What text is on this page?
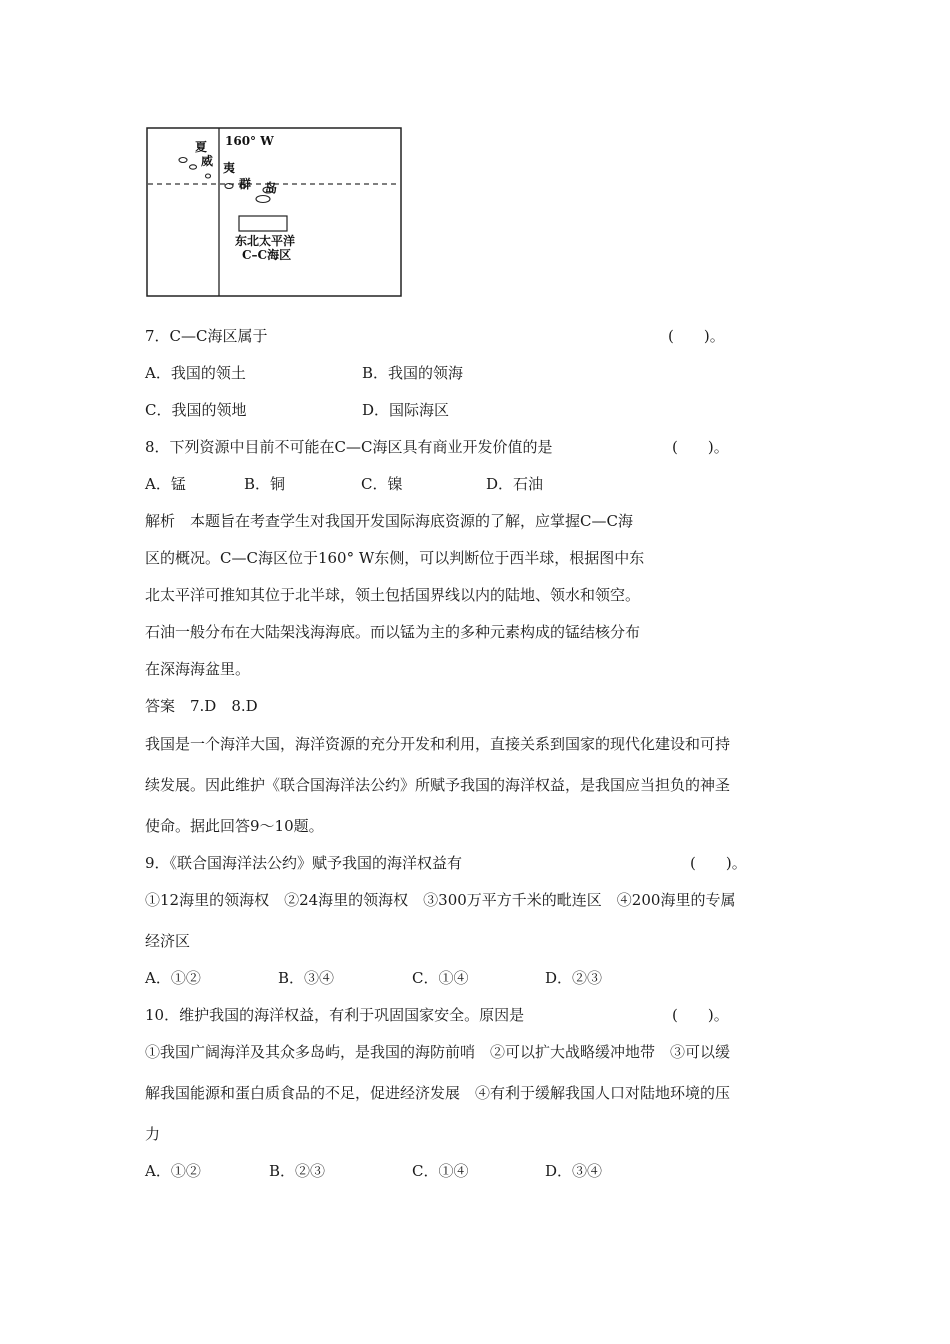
160° W
夏
威 夷
群 岛
东北太平洋
C–C海区
7．C—C海区属于	(　　)。
A．我国的领土	B．我国的领海
C．我国的领地	D．国际海区
8．下列资源中目前不可能在C—C海区具有商业开发价值的是	(　　)。
A．锰	B．铜	C．镍	D．石油
解析　本题旨在考查学生对我国开发国际海底资源的了解，应掌握C—C海
区的概况。C—C海区位于160° W东侧，可以判断位于西半球，根据图中东
北太平洋可推知其位于北半球，领土包括国界线以内的陆地、领水和领空。
石油一般分布在大陆架浅海海底。而以锰为主的多种元素构成的锰结核分布
在深海海盆里。
答案　7.D　8.D
我国是一个海洋大国，海洋资源的充分开发和利用，直接关系到国家的现代化建设和可持
续发展。因此维护《联合国海洋法公约》所赋予我国的海洋权益，是我国应当担负的神圣
使命。据此回答9～10题。
9．《联合国海洋法公约》赋予我国的海洋权益有	(　　)。
①12海里的领海权　②24海里的领海权　③300万平方千米的毗连区　④200海里的专属
经济区
A．①②	B．③④	C．①④	D．②③
10．维护我国的海洋权益，有利于巩固国家安全。原因是	(　　)。
①我国广阔海洋及其众多岛屿，是我国的海防前哨　②可以扩大战略缓冲地带　③可以缓
解我国能源和蛋白质食品的不足，促进经济发展　④有利于缓解我国人口对陆地环境的压
力
A．①②	B．②③	C．①④	D．③④
